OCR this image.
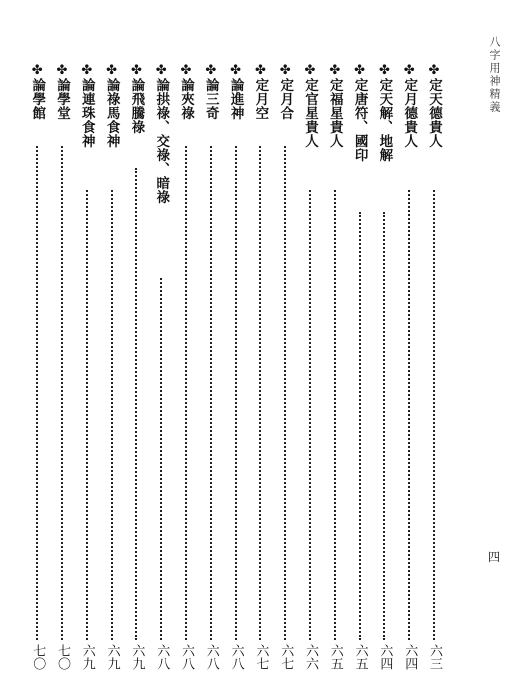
八字用神精義
四
✤
定天德貴人
六三
✤
定月德貴人
六四
✤
定天解、地解
六四
✤
定唐符、國印
六五
✤
定福星貴人
六五
✤
定官星貴人
六六
✤
定月合
六七
✤
定月空
六七
✤
論進神
六八
✤
論三奇
六八
✤
論夾祿
六八
✤
論拱祿、交祿、暗祿
六八
✤
論飛騰祿
六九
✤
論祿馬食神
六九
✤
論連珠食神
六九
✤
論學堂
七〇
✤
論學館
七〇
